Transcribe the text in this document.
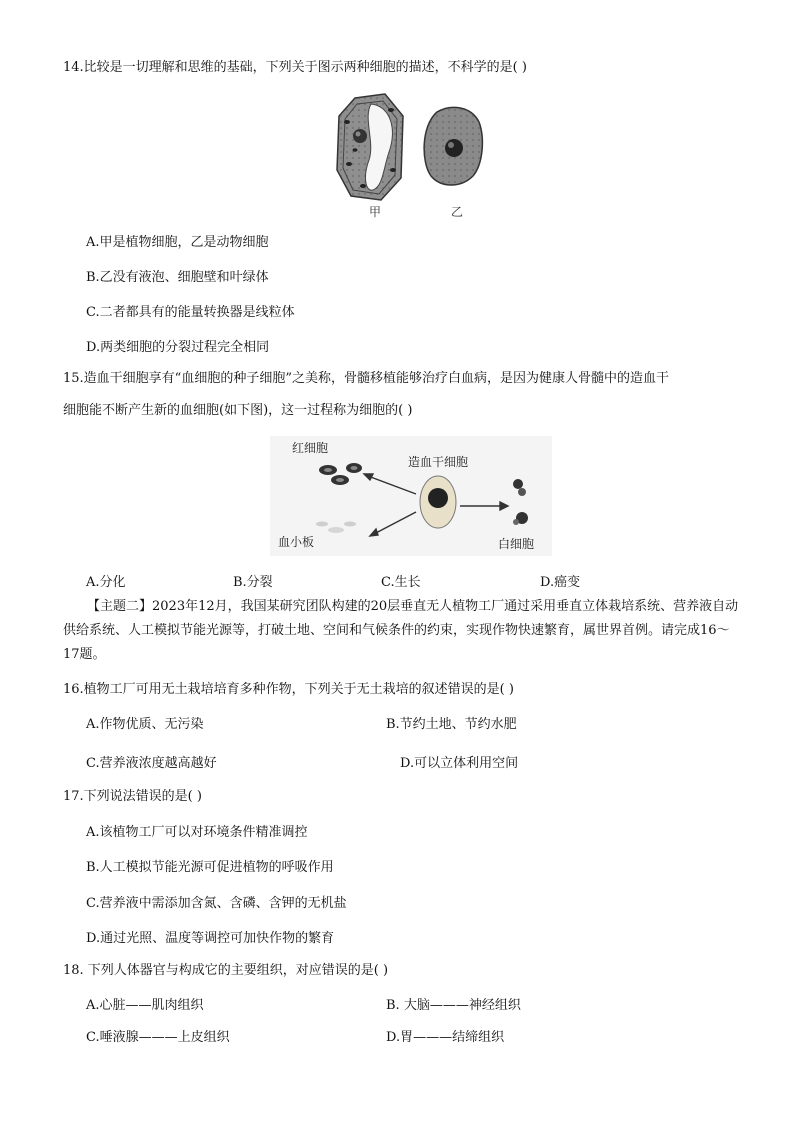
14.比较是一切理解和思维的基础，下列关于图示两种细胞的描述，不科学的是( )
甲	乙
A.甲是植物细胞，乙是动物细胞
B.乙没有液泡、细胞壁和叶绿体
C.二者都具有的能量转换器是线粒体
D.两类细胞的分裂过程完全相同
15.造血干细胞享有“血细胞的种子细胞”之美称，骨髓移植能够治疗白血病，是因为健康人骨髓中的造血干
细胞能不断产生新的血细胞(如下图)，这一过程称为细胞的( )
红细胞
造血干细胞
血小板	白细胞
A.分化	B.分裂	C.生长	D.癌变
【主题二】2023年12月，我国某研究团队构建的20层垂直无人植物工厂通过采用垂直立体栽培系统、营养液自动供给系统、人工模拟节能光源等，打破土地、空间和气候条件的约束，实现作物快速繁育，属世界首例。请完成16～17题。
16.植物工厂可用无土栽培培育多种作物，下列关于无土栽培的叙述错误的是( )
A.作物优质、无污染	B.节约土地、节约水肥
C.营养液浓度越高越好	D.可以立体利用空间
17.下列说法错误的是( )
A.该植物工厂可以对环境条件精准调控
B.人工模拟节能光源可促进植物的呼吸作用
C.营养液中需添加含氮、含磷、含钾的无机盐
D.通过光照、温度等调控可加快作物的繁育
18. 下列人体器官与构成它的主要组织，对应错误的是( )
A.心脏——肌肉组织	B. 大脑———神经组织
C.唾液腺———上皮组织	D.胃———结缔组织
